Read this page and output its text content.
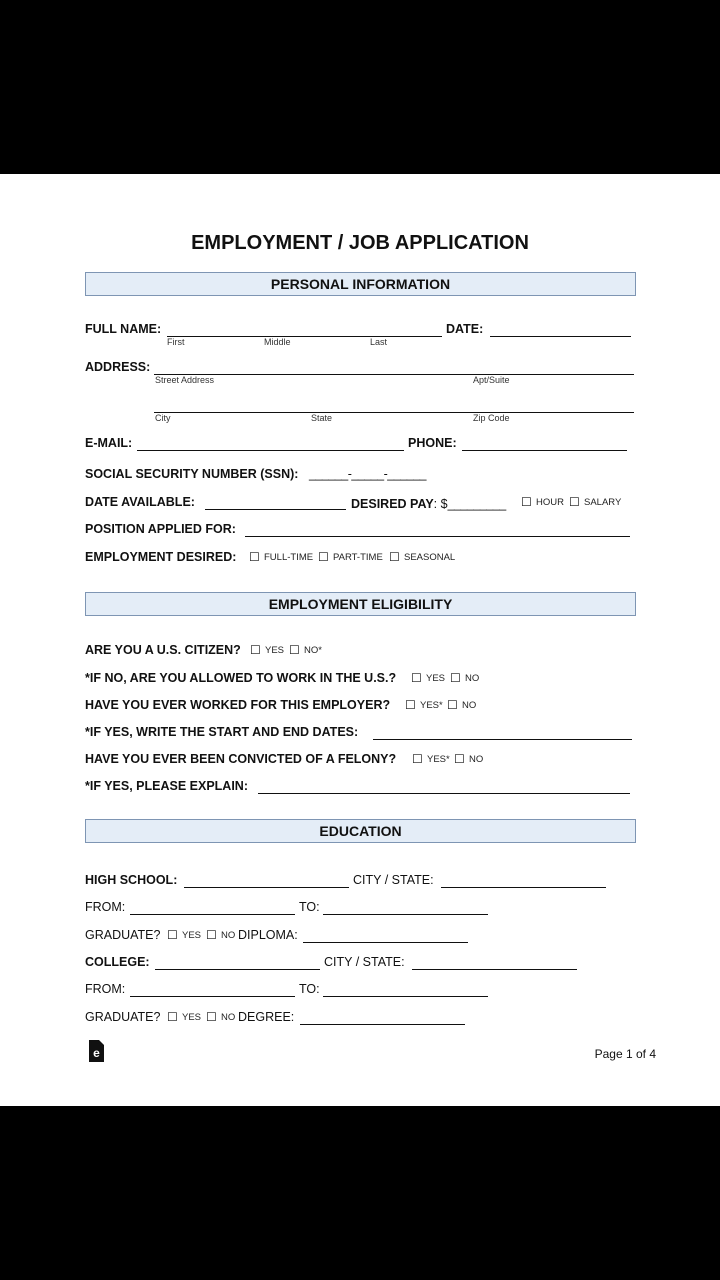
EMPLOYMENT / JOB APPLICATION
PERSONAL INFORMATION
FULL NAME:	DATE:
First	Middle	Last
ADDRESS:
Street Address	Apt/Suite
City	State	Zip Code
E-MAIL:	PHONE:
SOCIAL SECURITY NUMBER (SSN): ______-_____-______
DATE AVAILABLE:	DESIRED PAY: $_________ ☐ HOUR ☐ SALARY
POSITION APPLIED FOR:
EMPLOYMENT DESIRED: ☐ FULL-TIME ☐ PART-TIME ☐ SEASONAL
EMPLOYMENT ELIGIBILITY
ARE YOU A U.S. CITIZEN? ☐ YES ☐ NO*
*IF NO, ARE YOU ALLOWED TO WORK IN THE U.S.? ☐ YES ☐ NO
HAVE YOU EVER WORKED FOR THIS EMPLOYER? ☐ YES* ☐ NO
*IF YES, WRITE THE START AND END DATES:
HAVE YOU EVER BEEN CONVICTED OF A FELONY? ☐ YES* ☐ NO
*IF YES, PLEASE EXPLAIN:
EDUCATION
HIGH SCHOOL:	CITY / STATE:
FROM:	TO:
GRADUATE? ☐ YES ☐ NO DIPLOMA:
COLLEGE:	CITY / STATE:
FROM:	TO:
GRADUATE? ☐ YES ☐ NO DEGREE:
e	Page 1 of 4
